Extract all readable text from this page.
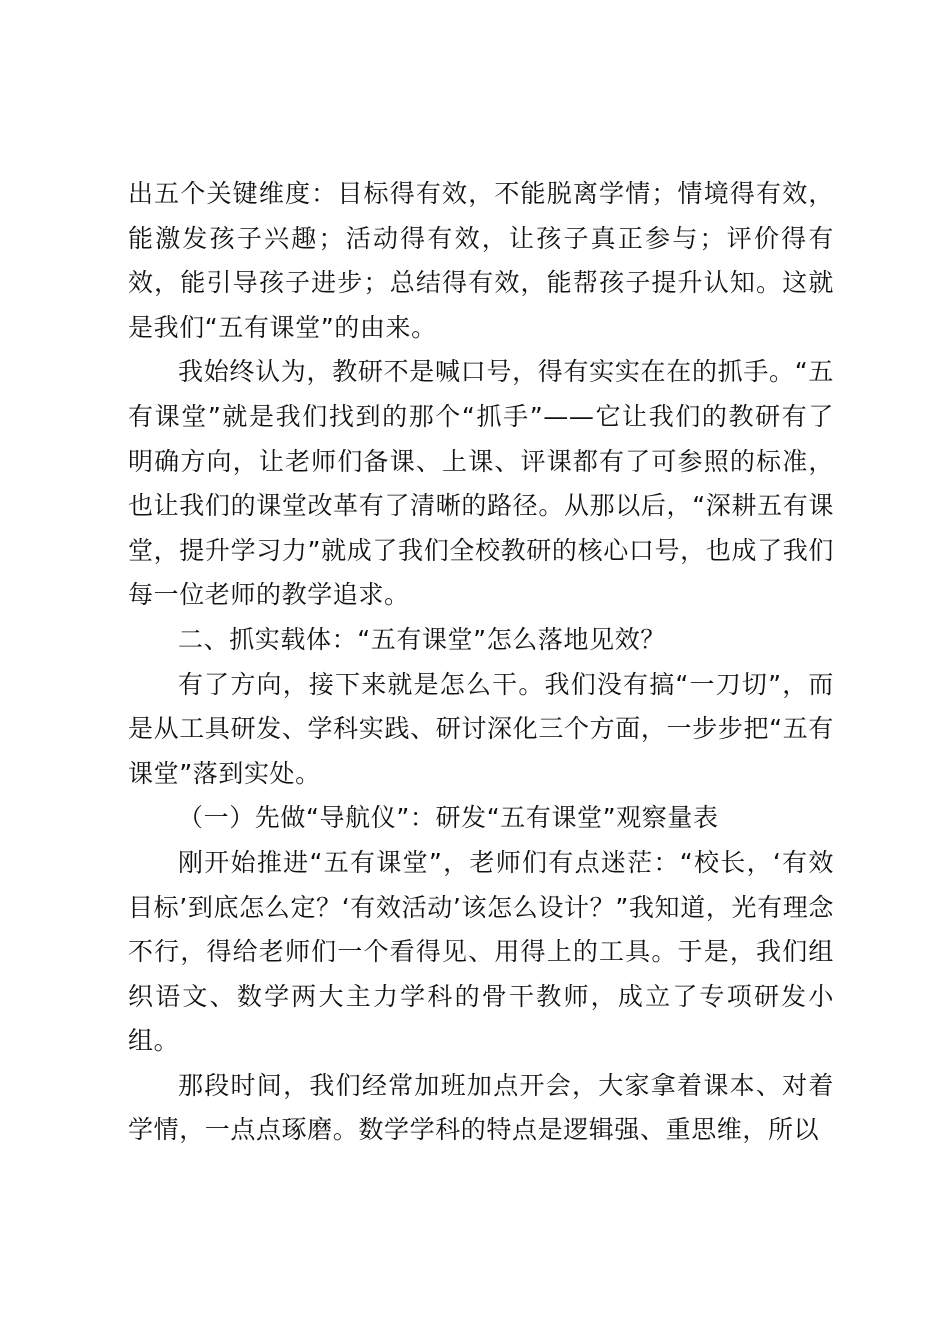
出五个关键维度：目标得有效，不能脱离学情；情境得有效，能激发孩子兴趣；活动得有效，让孩子真正参与；评价得有效，能引导孩子进步；总结得有效，能帮孩子提升认知。这就是我们“五有课堂”的由来。

我始终认为，教研不是喊口号，得有实实在在的抓手。“五有课堂”就是我们找到的那个“抓手”——它让我们的教研有了明确方向，让老师们备课、上课、评课都有了可参照的标准，也让我们的课堂改革有了清晰的路径。从那以后，“深耕五有课堂，提升学习力”就成了我们全校教研的核心口号，也成了我们每一位老师的教学追求。

二、抓实载体：“五有课堂”怎么落地见效？

有了方向，接下来就是怎么干。我们没有搞“一刀切”，而是从工具研发、学科实践、研讨深化三个方面，一步步把“五有课堂”落到实处。

（一）先做“导航仪”：研发“五有课堂”观察量表

刚开始推进“五有课堂”，老师们有点迷茫：“校长，‘有效目标’到底怎么定？‘有效活动’该怎么设计？”我知道，光有理念不行，得给老师们一个看得见、用得上的工具。于是，我们组织语文、数学两大主力学科的骨干教师，成立了专项研发小组。

那段时间，我们经常加班加点开会，大家拿着课本、对着学情，一点点琢磨。数学学科的特点是逻辑强、重思维，所以
